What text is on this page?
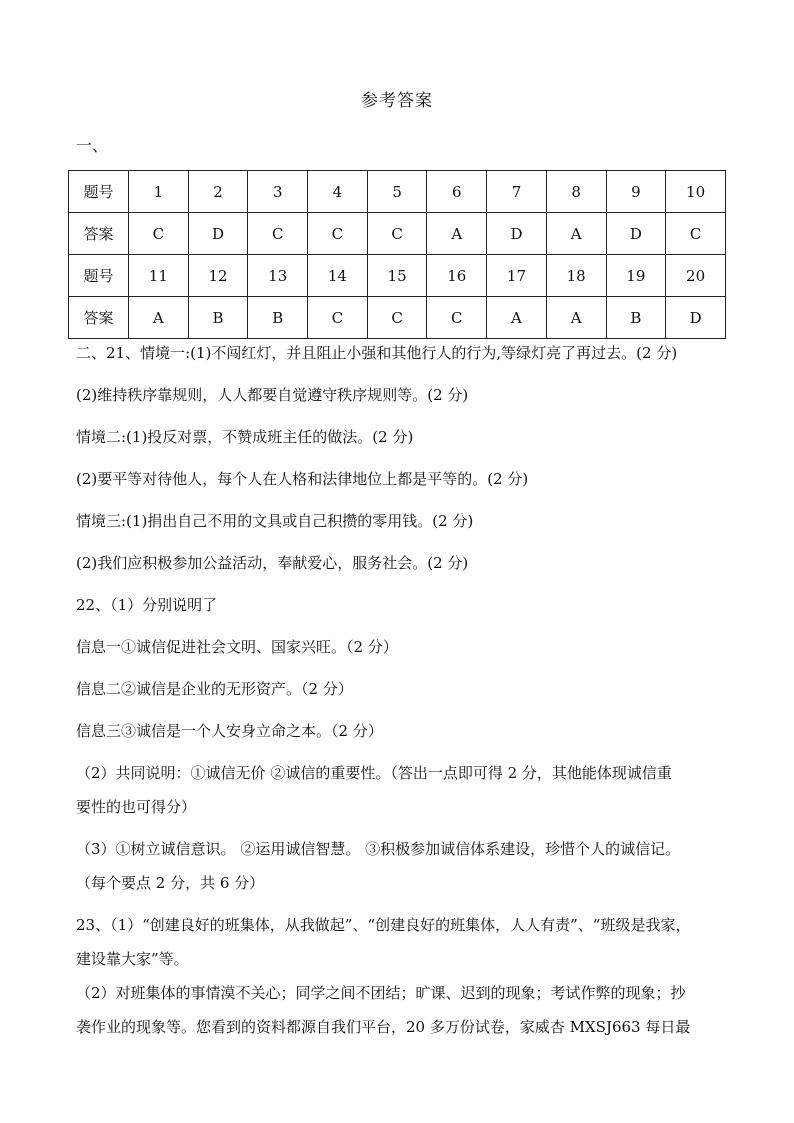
参考答案
一、
题号	1	2	3	4	5	6	7	8	9	10
答案	C	D	C	C	C	A	D	A	D	C
题号	11	12	13	14	15	16	17	18	19	20
答案	A	B	B	C	C	C	A	A	B	D

二、21、情境一:(1)不闯红灯，并且阻止小强和其他行人的行为,等绿灯亮了再过去。(2 分)

(2)维持秩序靠规则，人人都要自觉遵守秩序规则等。(2 分)

情境二:(1)投反对票，不赞成班主任的做法。(2 分)

(2)要平等对待他人，每个人在人格和法律地位上都是平等的。(2 分)

情境三:(1)捐出自己不用的文具或自己积攒的零用钱。(2 分)

(2)我们应积极参加公益活动，奉献爱心，服务社会。(2 分)

22、（1）分别说明了

信息一①诚信促进社会文明、国家兴旺。（2 分）

信息二②诚信是企业的无形资产。（2 分）

信息三③诚信是一个人安身立命之本。（2 分）

（2）共同说明：①诚信无价 ②诚信的重要性。（答出一点即可得 2 分，其他能体现诚信重

要性的也可得分）

（3）①树立诚信意识。 ②运用诚信智慧。 ③积极参加诚信体系建设，珍惜个人的诚信记。

（每个要点 2 分，共 6 分）

23、（1）“创建良好的班集体，从我做起”、“创建良好的班集体，人人有责”、“班级是我家，

建设靠大家”等。

（2）对班集体的事情漠不关心；同学之间不团结；旷课、迟到的现象；考试作弊的现象；抄

袭作业的现象等。您看到的资料都源自我们平台，20 多万份试卷，家威杏 MXSJ663 每日最
